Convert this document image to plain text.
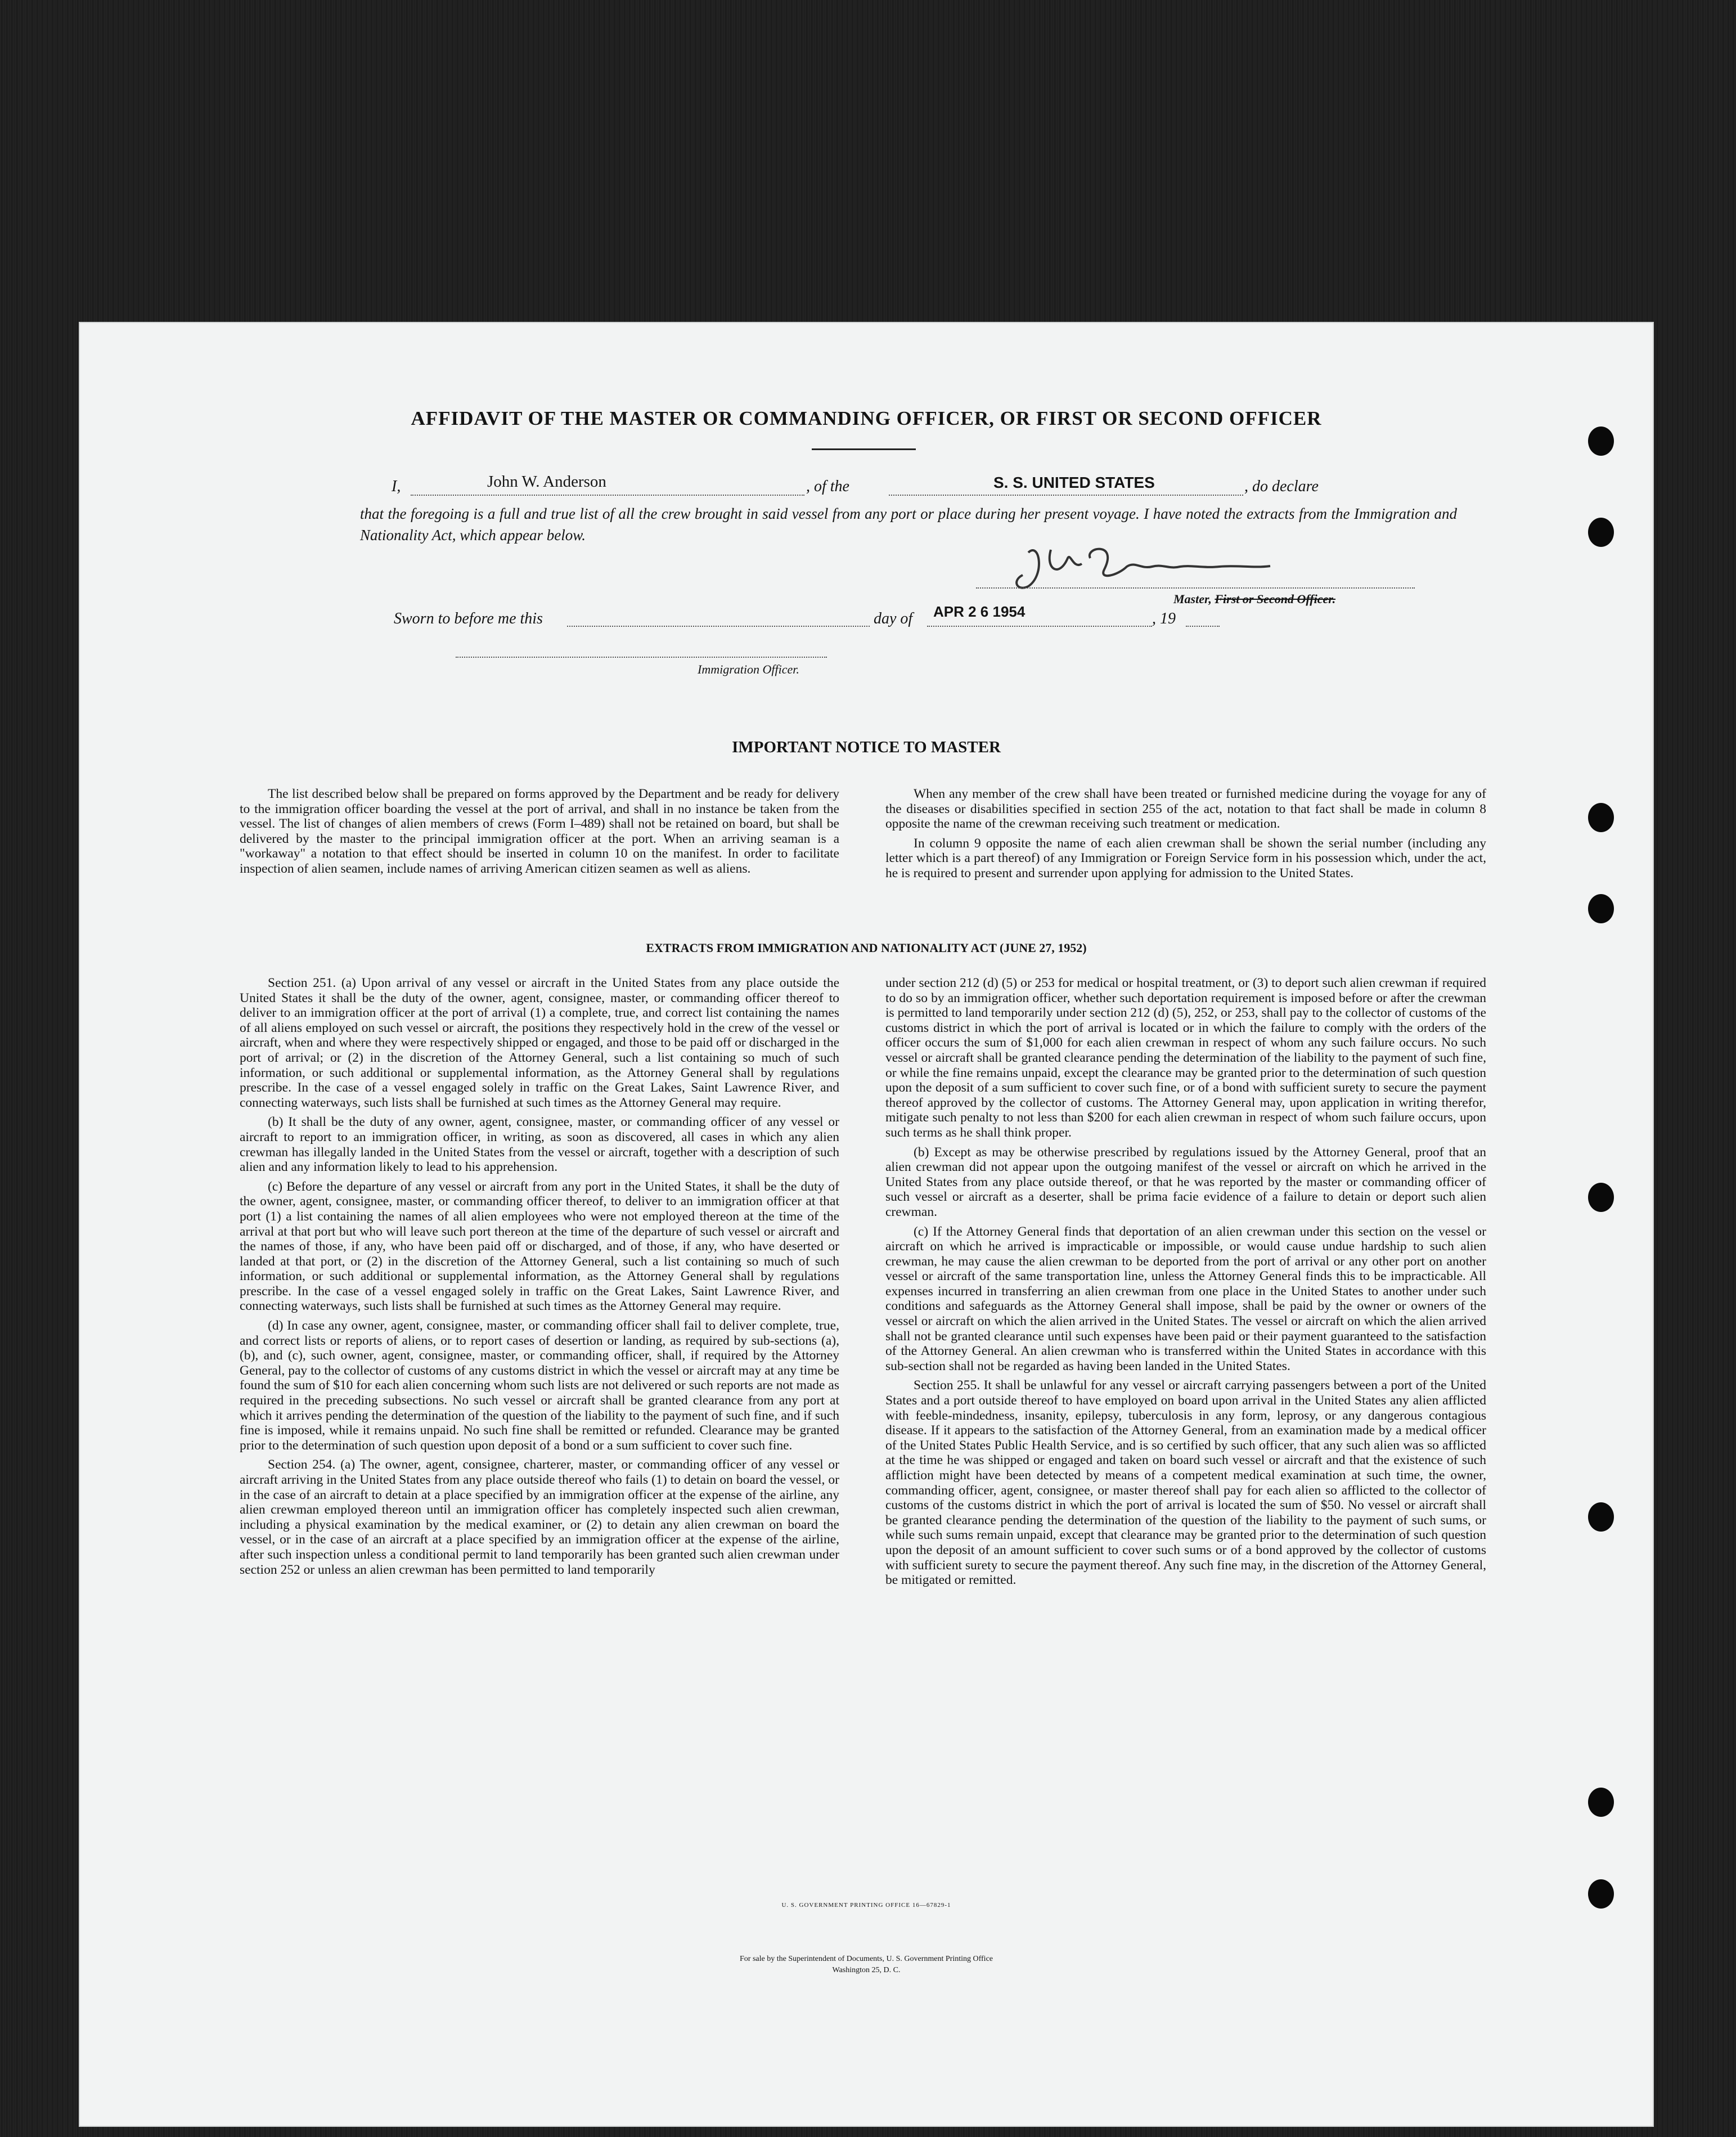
AFFIDAVIT OF THE MASTER OR COMMANDING OFFICER, OR FIRST OR SECOND OFFICER
I,	John W. Anderson	, of the	S. S. UNITED STATES	, do declare
that the foregoing is a full and true list of all the crew brought in said vessel from any port or place during her present voyage. I have noted the extracts from the Immigration and Nationality Act, which appear below.
Master, First or Second Officer.
Sworn to before me this	day of APR 2 6 1954	, 19
Immigration Officer.
IMPORTANT NOTICE TO MASTER

The list described below shall be prepared on forms approved by the Department and be ready for delivery to the immigration officer boarding the vessel at the port of arrival, and shall in no instance be taken from the vessel. The list of changes of alien members of crews (Form I–489) shall not be retained on board, but shall be delivered by the master to the principal immigration officer at the port. When an arriving seaman is a "workaway" a notation to that effect should be inserted in column 10 on the manifest. In order to facilitate inspection of alien seamen, include names of arriving American citizen seamen as well as aliens.

When any member of the crew shall have been treated or furnished medicine during the voyage for any of the diseases or disabilities specified in section 255 of the act, notation to that fact shall be made in column 8 opposite the name of the crewman receiving such treatment or medication.

In column 9 opposite the name of each alien crewman shall be shown the serial number (including any letter which is a part thereof) of any Immigration or Foreign Service form in his possession which, under the act, he is required to present and surrender upon applying for admission to the United States.

EXTRACTS FROM IMMIGRATION AND NATIONALITY ACT (JUNE 27, 1952)

Section 251. (a) Upon arrival of any vessel or aircraft in the United States from any place outside the United States it shall be the duty of the owner, agent, consignee, master, or commanding officer thereof to deliver to an immigration officer at the port of arrival (1) a complete, true, and correct list containing the names of all aliens employed on such vessel or aircraft, the positions they respectively hold in the crew of the vessel or aircraft, when and where they were respectively shipped or engaged, and those to be paid off or discharged in the port of arrival; or (2) in the discretion of the Attorney General, such a list containing so much of such information, or such additional or supplemental information, as the Attorney General shall by regulations prescribe. In the case of a vessel engaged solely in traffic on the Great Lakes, Saint Lawrence River, and connecting waterways, such lists shall be furnished at such times as the Attorney General may require.

(b) It shall be the duty of any owner, agent, consignee, master, or commanding officer of any vessel or aircraft to report to an immigration officer, in writing, as soon as discovered, all cases in which any alien crewman has illegally landed in the United States from the vessel or aircraft, together with a description of such alien and any information likely to lead to his apprehension.

(c) Before the departure of any vessel or aircraft from any port in the United States, it shall be the duty of the owner, agent, consignee, master, or commanding officer thereof, to deliver to an immigration officer at that port (1) a list containing the names of all alien employees who were not employed thereon at the time of the arrival at that port but who will leave such port thereon at the time of the departure of such vessel or aircraft and the names of those, if any, who have been paid off or discharged, and of those, if any, who have deserted or landed at that port, or (2) in the discretion of the Attorney General, such a list containing so much of such information, or such additional or supplemental information, as the Attorney General shall by regulations prescribe. In the case of a vessel engaged solely in traffic on the Great Lakes, Saint Lawrence River, and connecting waterways, such lists shall be furnished at such times as the Attorney General may require.

(d) In case any owner, agent, consignee, master, or commanding officer shall fail to deliver complete, true, and correct lists or reports of aliens, or to report cases of desertion or landing, as required by sub-sections (a), (b), and (c), such owner, agent, consignee, master, or commanding officer, shall, if required by the Attorney General, pay to the collector of customs of any customs district in which the vessel or aircraft may at any time be found the sum of $10 for each alien concerning whom such lists are not delivered or such reports are not made as required in the preceding subsections. No such vessel or aircraft shall be granted clearance from any port at which it arrives pending the determination of the question of the liability to the payment of such fine, and if such fine is imposed, while it remains unpaid. No such fine shall be remitted or refunded. Clearance may be granted prior to the determination of such question upon deposit of a bond or a sum sufficient to cover such fine.

Section 254. (a) The owner, agent, consignee, charterer, master, or commanding officer of any vessel or aircraft arriving in the United States from any place outside thereof who fails (1) to detain on board the vessel, or in the case of an aircraft to detain at a place specified by an immigration officer at the expense of the airline, any alien crewman employed thereon until an immigration officer has completely inspected such alien crewman, including a physical examination by the medical examiner, or (2) to detain any alien crewman on board the vessel, or in the case of an aircraft at a place specified by an immigration officer at the expense of the airline, after such inspection unless a conditional permit to land temporarily has been granted such alien crewman under section 252 or unless an alien crewman has been permitted to land temporarily

under section 212 (d) (5) or 253 for medical or hospital treatment, or (3) to deport such alien crewman if required to do so by an immigration officer, whether such deportation requirement is imposed before or after the crewman is permitted to land temporarily under section 212 (d) (5), 252, or 253, shall pay to the collector of customs of the customs district in which the port of arrival is located or in which the failure to comply with the orders of the officer occurs the sum of $1,000 for each alien crewman in respect of whom any such failure occurs. No such vessel or aircraft shall be granted clearance pending the determination of the liability to the payment of such fine, or while the fine remains unpaid, except the clearance may be granted prior to the determination of such question upon the deposit of a sum sufficient to cover such fine, or of a bond with sufficient surety to secure the payment thereof approved by the collector of customs. The Attorney General may, upon application in writing therefor, mitigate such penalty to not less than $200 for each alien crewman in respect of whom such failure occurs, upon such terms as he shall think proper.

(b) Except as may be otherwise prescribed by regulations issued by the Attorney General, proof that an alien crewman did not appear upon the outgoing manifest of the vessel or aircraft on which he arrived in the United States from any place outside thereof, or that he was reported by the master or commanding officer of such vessel or aircraft as a deserter, shall be prima facie evidence of a failure to detain or deport such alien crewman.

(c) If the Attorney General finds that deportation of an alien crewman under this section on the vessel or aircraft on which he arrived is impracticable or impossible, or would cause undue hardship to such alien crewman, he may cause the alien crewman to be deported from the port of arrival or any other port on another vessel or aircraft of the same transportation line, unless the Attorney General finds this to be impracticable. All expenses incurred in transferring an alien crewman from one place in the United States to another under such conditions and safeguards as the Attorney General shall impose, shall be paid by the owner or owners of the vessel or aircraft on which the alien arrived in the United States. The vessel or aircraft on which the alien arrived shall not be granted clearance until such expenses have been paid or their payment guaranteed to the satisfaction of the Attorney General. An alien crewman who is transferred within the United States in accordance with this sub-section shall not be regarded as having been landed in the United States.

Section 255. It shall be unlawful for any vessel or aircraft carrying passengers between a port of the United States and a port outside thereof to have employed on board upon arrival in the United States any alien afflicted with feeble-mindedness, insanity, epilepsy, tuberculosis in any form, leprosy, or any dangerous contagious disease. If it appears to the satisfaction of the Attorney General, from an examination made by a medical officer of the United States Public Health Service, and is so certified by such officer, that any such alien was so afflicted at the time he was shipped or engaged and taken on board such vessel or aircraft and that the existence of such affliction might have been detected by means of a competent medical examination at such time, the owner, commanding officer, agent, consignee, or master thereof shall pay for each alien so afflicted to the collector of customs of the customs district in which the port of arrival is located the sum of $50. No vessel or aircraft shall be granted clearance pending the determination of the question of the liability to the payment of such sums, or while such sums remain unpaid, except that clearance may be granted prior to the determination of such question upon the deposit of an amount sufficient to cover such sums or of a bond approved by the collector of customs with sufficient surety to secure the payment thereof. Any such fine may, in the discretion of the Attorney General, be mitigated or remitted.

U. S. GOVERNMENT PRINTING OFFICE 16—67829-1
For sale by the Superintendent of Documents, U. S. Government Printing Office
Washington 25, D. C.
